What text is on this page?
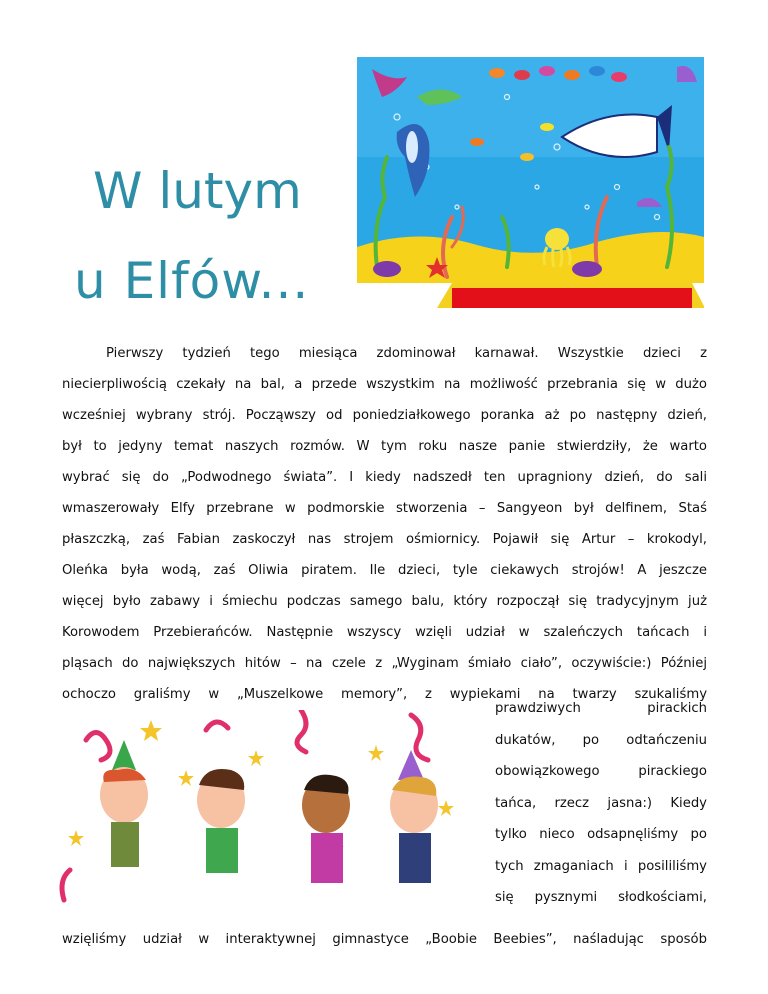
W lutym
u Elfów...
Pierwszy tydzień tego miesiąca zdominował karnawał. Wszystkie dzieci z
niecierpliwością czekały na bal, a przede wszystkim na możliwość przebrania się w dużo
wcześniej wybrany strój. Począwszy od poniedziałkowego poranka aż po następny dzień,
był to jedyny temat naszych rozmów. W tym roku nasze panie stwierdziły, że warto
wybrać się do „Podwodnego świata”. I kiedy nadszedł ten upragniony dzień, do sali
wmaszerowały Elfy przebrane w podmorskie stworzenia – Sangyeon był delfinem, Staś
płaszczką, zaś Fabian zaskoczył nas strojem ośmiornicy. Pojawił się Artur – krokodyl,
Oleńka była wodą, zaś Oliwia piratem. Ile dzieci, tyle ciekawych strojów! A jeszcze
więcej było zabawy i śmiechu podczas samego balu, który rozpoczął się tradycyjnym już
Korowodem Przebierańców. Następnie wszyscy wzięli udział w szaleńczych tańcach i
pląsach do największych hitów – na czele z „Wyginam śmiało ciało”, oczywiście:) Później
ochoczo graliśmy w „Muszelkowe memory”, z wypiekami na twarzy szukaliśmy
prawdziwych pirackich
dukatów, po odtańczeniu
obowiązkowego pirackiego
tańca, rzecz jasna:) Kiedy
tylko nieco odsapnęliśmy po
tych zmaganiach i posililiśmy
się pysznymi słodkościami,
wzięliśmy udział w interaktywnej gimnastyce „Boobie Beebies”, naśladując sposób
